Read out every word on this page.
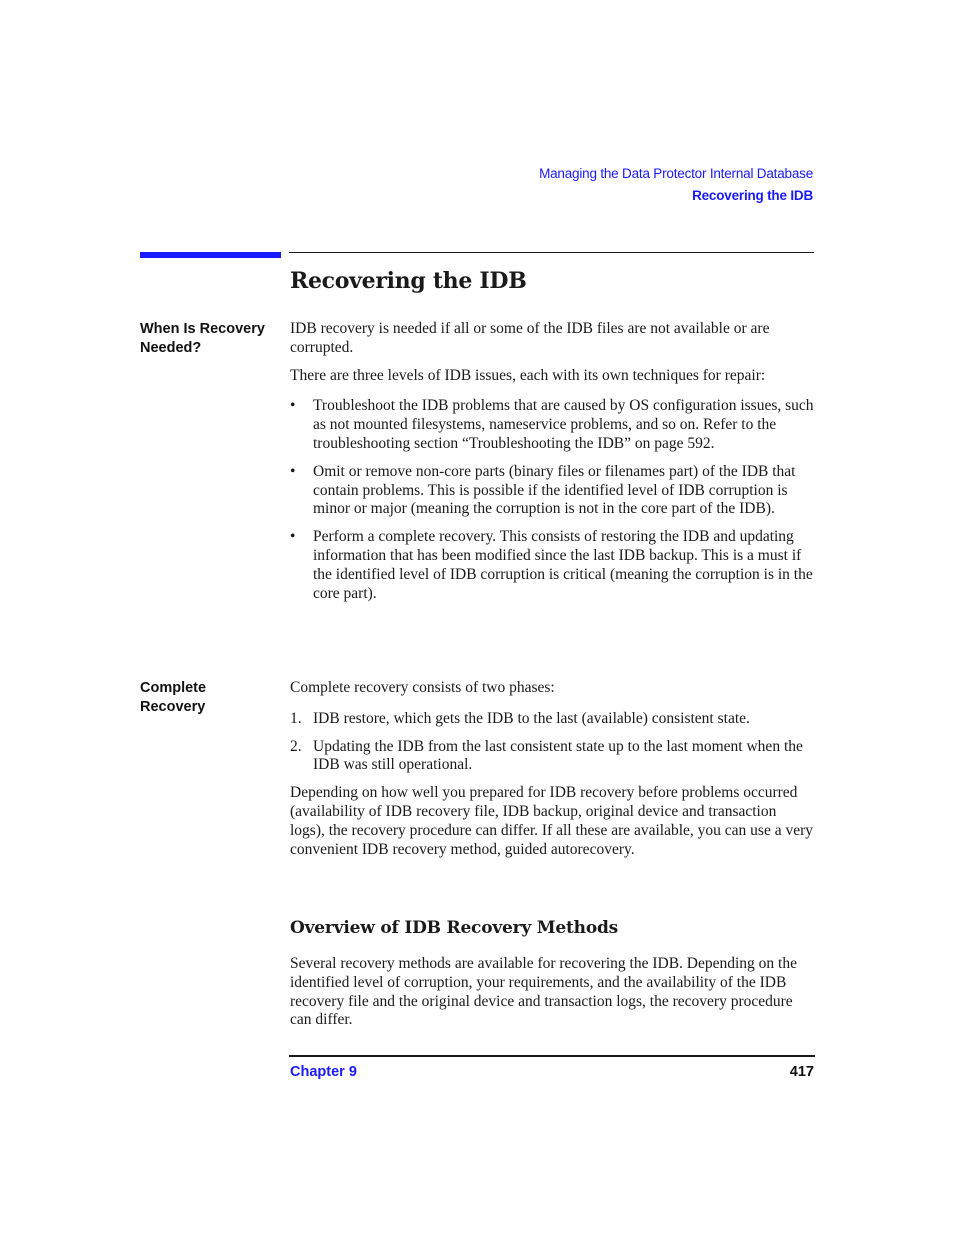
Managing the Data Protector Internal Database
Recovering the IDB
Recovering the IDB
When Is Recovery
Needed?

IDB recovery is needed if all or some of the IDB files are not available or are corrupted.

There are three levels of IDB issues, each with its own techniques for repair:

• Troubleshoot the IDB problems that are caused by OS configuration issues, such as not mounted filesystems, nameservice problems, and so on. Refer to the troubleshooting section “Troubleshooting the IDB” on page 592.
• Omit or remove non-core parts (binary files or filenames part) of the IDB that contain problems. This is possible if the identified level of IDB corruption is minor or major (meaning the corruption is not in the core part of the IDB).
• Perform a complete recovery. This consists of restoring the IDB and updating information that has been modified since the last IDB backup. This is a must if the identified level of IDB corruption is critical (meaning the corruption is in the core part).
Complete
Recovery

Complete recovery consists of two phases:

1. IDB restore, which gets the IDB to the last (available) consistent state.
2. Updating the IDB from the last consistent state up to the last moment when the IDB was still operational.

Depending on how well you prepared for IDB recovery before problems occurred (availability of IDB recovery file, IDB backup, original device and transaction logs), the recovery procedure can differ. If all these are available, you can use a very convenient IDB recovery method, guided autorecovery.

Overview of IDB Recovery Methods

Several recovery methods are available for recovering the IDB. Depending on the identified level of corruption, your requirements, and the availability of the IDB recovery file and the original device and transaction logs, the recovery procedure can differ.

Chapter 9	417
